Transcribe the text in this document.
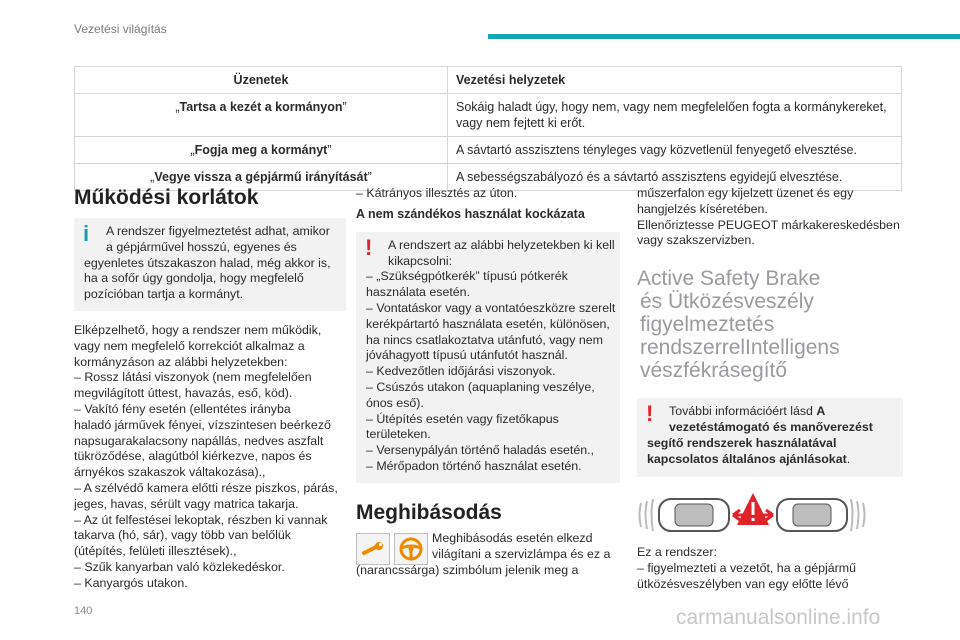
Vezetési világítás
Üzenetek	Vezetési helyzetek
„Tartsa a kezét a kormányon”	Sokáig haladt úgy, hogy nem, vagy nem megfelelően fogta a kormánykereket,
vagy nem fejtett ki erőt.

„Fogja meg a kormányt”	A sávtartó asszisztens tényleges vagy közvetlenül fenyegető elvesztése.

„Vegye vissza a gépjármű irányítását”	A sebességszabályozó és a sávtartó asszisztens egyidejű elvesztése.
Működési korlátok
i	A rendszer figyelmeztetést adhat, amikor
a gépjárművel hosszú, egyenes és
egyenletes útszakaszon halad, még akkor is,
ha a sofőr úgy gondolja, hogy megfelelő
pozícióban tartja a kormányt.
Elképzelhető, hogy a rendszer nem működik,
vagy nem megfelelő korrekciót alkalmaz a
kormányzáson az alábbi helyzetekben:
– Rossz látási viszonyok (nem megfelelően
megvilágított úttest, havazás, eső, köd).
– Vakító fény esetén (ellentétes irányba
haladó járművek fényei, vízszintesen beérkező
napsugarakalacsony napállás, nedves aszfalt
tükröződése, alagútból kiérkezve, napos és
árnyékos szakaszok váltakozása).,
– A szélvédő kamera előtti része piszkos, párás,
jeges, havas, sérült vagy matrica takarja.
– Az út felfestései lekoptak, részben ki vannak
takarva (hó, sár), vagy több van belőlük
(útépítés, felületi illesztések).,
– Szűk kanyarban való közlekedéskor.
– Kanyargós utakon.
– Kátrányos illesztés az úton.
A nem szándékos használat kockázata
!	A rendszert az alábbi helyzetekben ki kell
kikapcsolni:
– „Szükségpótkerék” típusú pótkerék
használata esetén.
– Vontatáskor vagy a vontatóeszközre szerelt
kerékpártartó használata esetén, különösen,
ha nincs csatlakoztatva utánfutó, vagy nem
jóváhagyott típusú utánfutót használ.
– Kedvezőtlen időjárási viszonyok.
– Csúszós utakon (aquaplaning veszélye,
ónos eső).
– Útépítés esetén vagy fizetőkapus
területeken.
– Versenypályán történő haladás esetén.,
– Mérőpadon történő használat esetén.
Meghibásodás
Meghibásodás esetén elkezd
világítani a szervizlámpa és ez a
(narancssárga) szimbólum jelenik meg a
műszerfalon egy kijelzett üzenet és egy
hangjelzés kíséretében.
Ellenőriztesse PEUGEOT márkakereskedésben
vagy szakszervizben.
Active Safety Brake
és Ütközésveszély
figyelmeztetés
rendszerrelIntelligens
vészfékrásegítő
!	További információért lásd A
vezetéstámogató és manőverezést
segítő rendszerek használatával
kapcsolatos általános ajánlásokat.
Ez a rendszer:
– figyelmezteti a vezetőt, ha a gépjármű
ütközésveszélyben van egy előtte lévő
140	carmanualsonline.info
